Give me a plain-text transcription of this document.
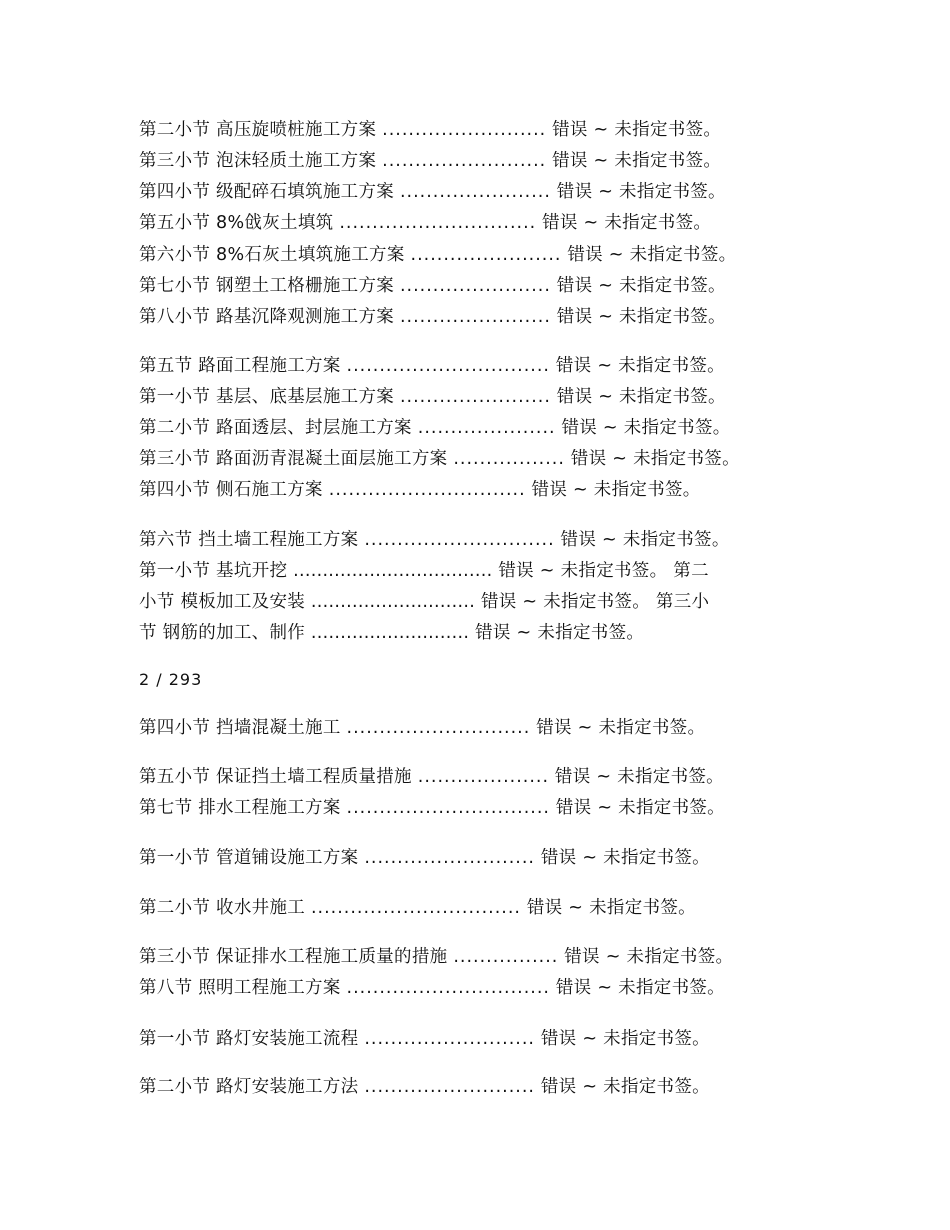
第二小节 高压旋喷桩施工方案 ......................... 错误 ~ 未指定书签。
第三小节 泡沫轻质土施工方案 ......................... 错误 ~ 未指定书签。
第四小节 级配碎石填筑施工方案 ....................... 错误 ~ 未指定书签。
第五小节 8%戗灰土填筑 .............................. 错误 ~ 未指定书签。
第六小节 8%石灰土填筑施工方案 ....................... 错误 ~ 未指定书签。
第七小节 钢塑土工格栅施工方案 ....................... 错误 ~ 未指定书签。
第八小节 路基沉降观测施工方案 ....................... 错误 ~ 未指定书签。
第五节 路面工程施工方案 ............................... 错误 ~ 未指定书签。
第一小节 基层、底基层施工方案 ....................... 错误 ~ 未指定书签。
第二小节 路面透层、封层施工方案 ..................... 错误 ~ 未指定书签。
第三小节 路面沥青混凝土面层施工方案 ................. 错误 ~ 未指定书签。
第四小节 侧石施工方案 .............................. 错误 ~ 未指定书签。
第六节 挡土墙工程施工方案 ............................. 错误 ~ 未指定书签。
第一小节 基坑开挖 .................................. 错误 ~ 未指定书签。 第二
小节 模板加工及安装 ............................ 错误 ~ 未指定书签。 第三小
节 钢筋的加工、制作 ........................... 错误 ~ 未指定书签。
2 / 293
第四小节 挡墙混凝土施工 ............................ 错误 ~ 未指定书签。
第五小节 保证挡土墙工程质量措施 .................... 错误 ~ 未指定书签。
第七节 排水工程施工方案 ............................... 错误 ~ 未指定书签。
第一小节 管道铺设施工方案 .......................... 错误 ~ 未指定书签。
第二小节 收水井施工 ................................ 错误 ~ 未指定书签。
第三小节 保证排水工程施工质量的措施 ................ 错误 ~ 未指定书签。
第八节 照明工程施工方案 ............................... 错误 ~ 未指定书签。
第一小节 路灯安装施工流程 .......................... 错误 ~ 未指定书签。
第二小节 路灯安装施工方法 .......................... 错误 ~ 未指定书签。
